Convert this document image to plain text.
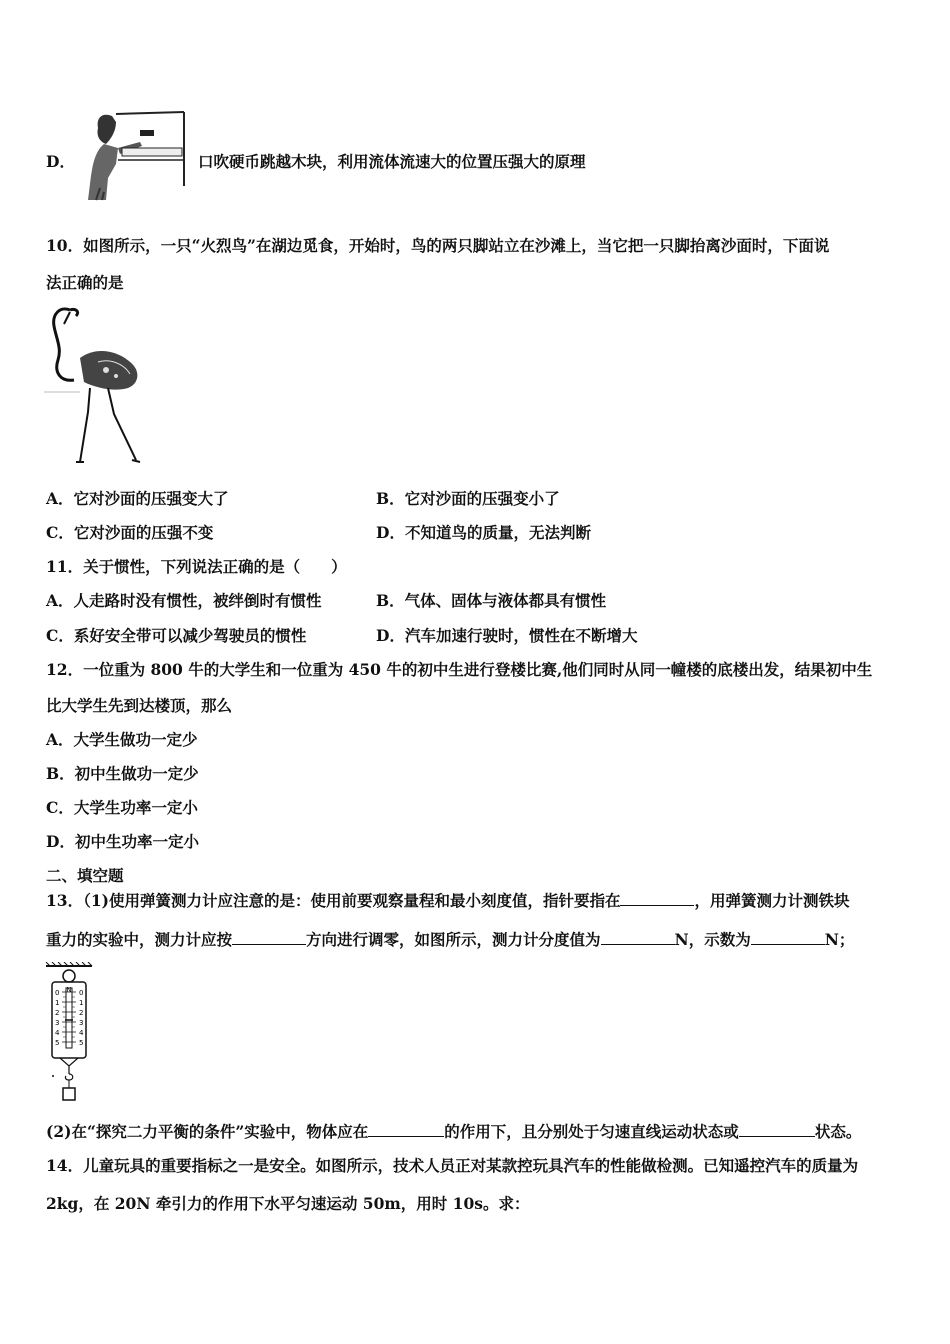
D．	口吹硬币跳越木块，利用流体流速大的位置压强大的原理
10．如图所示，一只“火烈鸟”在湖边觅食，开始时，鸟的两只脚站立在沙滩上，当它把一只脚抬离沙面时，下面说
法正确的是
A．它对沙面的压强变大了	B．它对沙面的压强变小了
C．它对沙面的压强不变	D．不知道鸟的质量，无法判断
11．关于惯性，下列说法正确的是（　　）
A．人走路时没有惯性，被绊倒时有惯性	B．气体、固体与液体都具有惯性
C．系好安全带可以减少驾驶员的惯性	D．汽车加速行驶时，惯性在不断增大
12．一位重为 800 牛的大学生和一位重为 450 牛的初中生进行登楼比赛,他们同时从同一幢楼的底楼出发，结果初中生
比大学生先到达楼顶，那么
A．大学生做功一定少
B．初中生做功一定少
C．大学生功率一定小
D．初中生功率一定小
二、填空题
13．（1)使用弹簧测力计应注意的是：使用前要观察量程和最小刻度值，指针要指在	，用弹簧测力计测铁块
重力的实验中，测力计应按	方向进行调零，如图所示，测力计分度值为	N，示数为	N；
N
0
1
2
3
4
5
0
1
2
3
4
5
(2)在“探究二力平衡的条件”实验中，物体应在	的作用下，且分别处于匀速直线运动状态或	状态。
14．儿童玩具的重要指标之一是安全。如图所示，技术人员正对某款控玩具汽车的性能做检测。已知遥控汽车的质量为
2kg，在 20N 牵引力的作用下水平匀速运动 50m，用时 10s。求：
